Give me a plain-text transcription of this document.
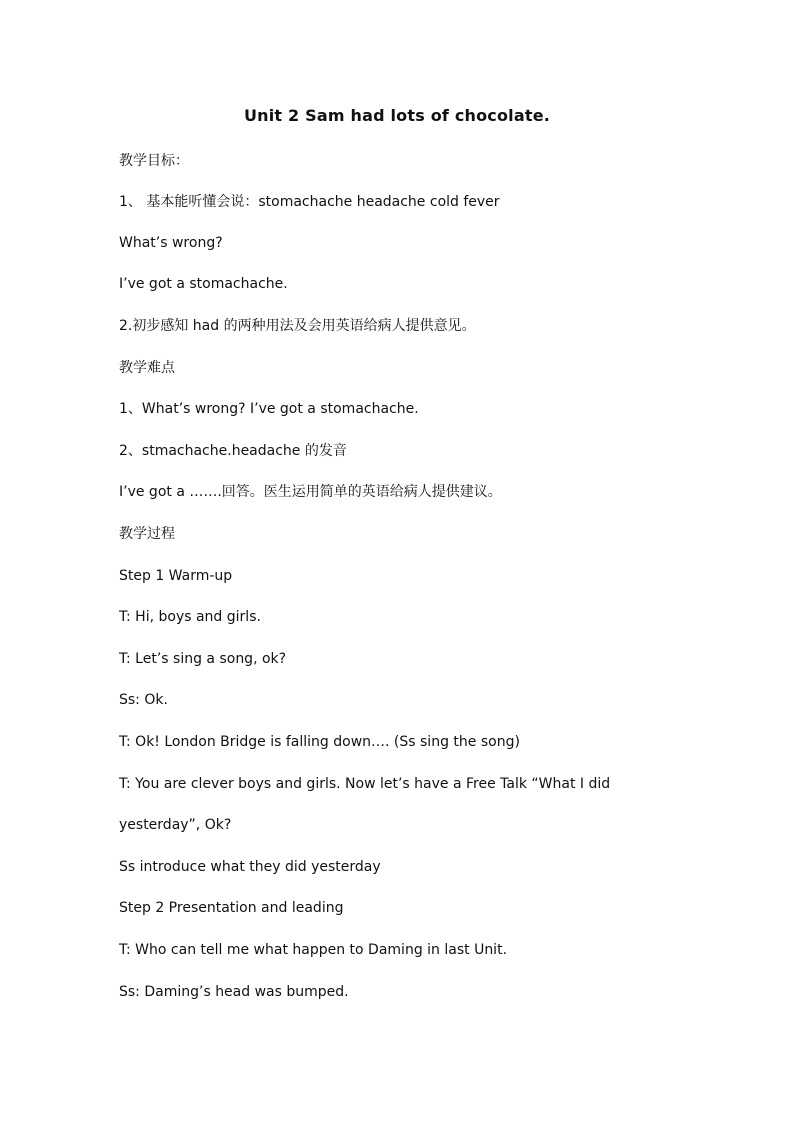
Unit 2 Sam had lots of chocolate.
教学目标：
1、 基本能听懂会说：stomachache headache cold fever
What’s wrong?
I’ve got a stomachache.
2.初步感知 had 的两种用法及会用英语给病人提供意见。
教学难点
1、What’s wrong? I’ve got a stomachache.
2、stmachache.headache 的发音
I’ve got a …….回答。医生运用简单的英语给病人提供建议。
教学过程
Step 1 Warm-up
T: Hi, boys and girls.
T: Let’s sing a song, ok?
Ss: Ok.
T: Ok! London Bridge is falling down…. (Ss sing the song)
T: You are clever boys and girls. Now let’s have a Free Talk “What I did
yesterday”, Ok?
Ss introduce what they did yesterday
Step 2 Presentation and leading
T: Who can tell me what happen to Daming in last Unit.
Ss: Daming’s head was bumped.
